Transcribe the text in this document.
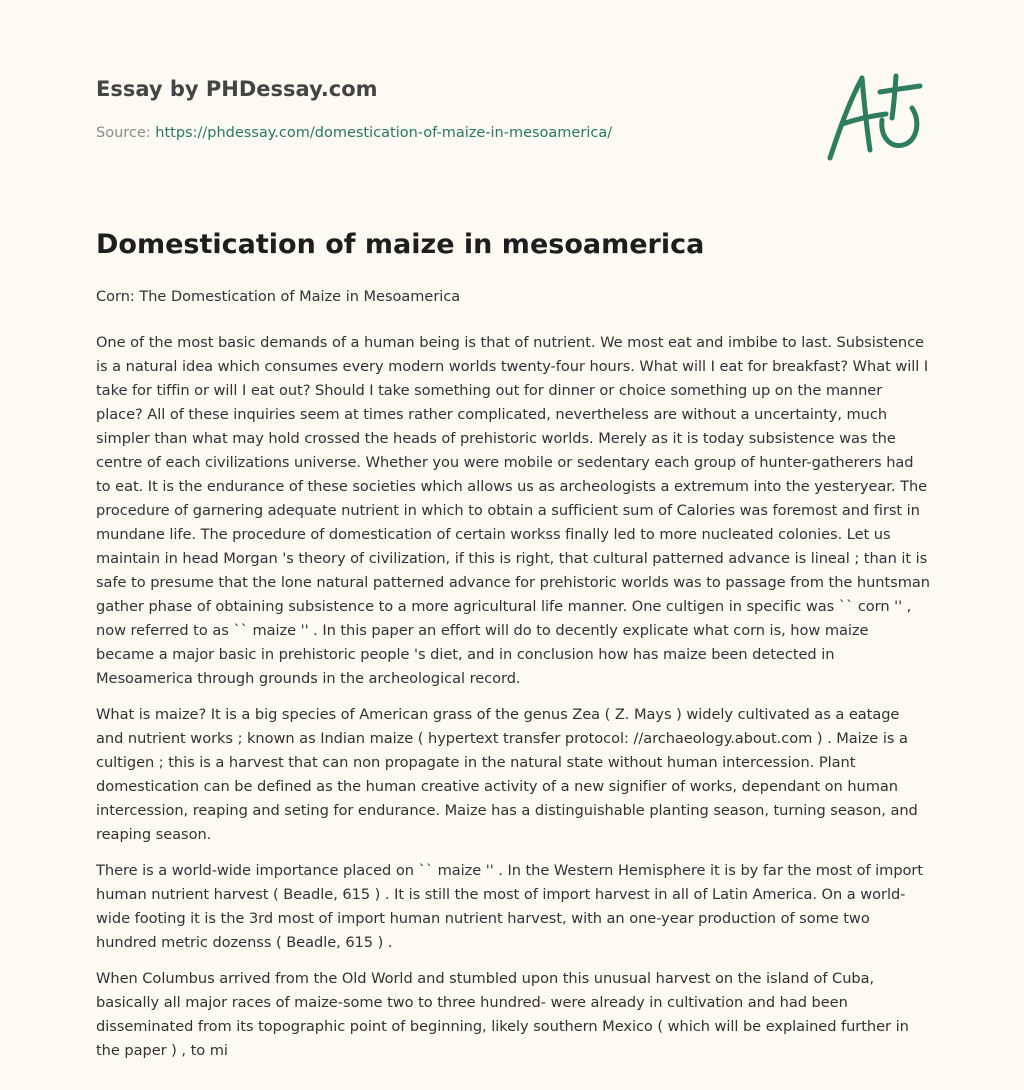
Essay by PHDessay.com
Source: https://phdessay.com/domestication-of-maize-in-mesoamerica/
Domestication of maize in mesoamerica

Corn: The Domestication of Maize in Mesoamerica

One of the most basic demands of a human being is that of nutrient. We most eat and imbibe to last. Subsistence is a natural idea which consumes every modern worlds twenty-four hours. What will I eat for breakfast? What will I take for tiffin or will I eat out? Should I take something out for dinner or choice something up on the manner place? All of these inquiries seem at times rather complicated, nevertheless are without a uncertainty, much simpler than what may hold crossed the heads of prehistoric worlds. Merely as it is today subsistence was the centre of each civilizations universe. Whether you were mobile or sedentary each group of hunter-gatherers had to eat. It is the endurance of these societies which allows us as archeologists a extremum into the yesteryear. The procedure of garnering adequate nutrient in which to obtain a sufficient sum of Calories was foremost and first in mundane life. The procedure of domestication of certain workss finally led to more nucleated colonies. Let us maintain in head Morgan 's theory of civilization, if this is right, that cultural patterned advance is lineal ; than it is safe to presume that the lone natural patterned advance for prehistoric worlds was to passage from the huntsman gather phase of obtaining subsistence to a more agricultural life manner. One cultigen in specific was `` corn '' , now referred to as `` maize '' . In this paper an effort will do to decently explicate what corn is, how maize became a major basic in prehistoric people 's diet, and in conclusion how has maize been detected in Mesoamerica through grounds in the archeological record.

What is maize? It is a big species of American grass of the genus Zea ( Z. Mays ) widely cultivated as a eatage and nutrient works ; known as Indian maize ( hypertext transfer protocol: //archaeology.about.com ) . Maize is a cultigen ; this is a harvest that can non propagate in the natural state without human intercession. Plant domestication can be defined as the human creative activity of a new signifier of works, dependant on human intercession, reaping and seting for endurance. Maize has a distinguishable planting season, turning season, and reaping season.

There is a world-wide importance placed on `` maize '' . In the Western Hemisphere it is by far the most of import human nutrient harvest ( Beadle, 615 ) . It is still the most of import harvest in all of Latin America. On a world-wide footing it is the 3rd most of import human nutrient harvest, with an one-year production of some two hundred metric dozenss ( Beadle, 615 ) .

When Columbus arrived from the Old World and stumbled upon this unusual harvest on the island of Cuba, basically all major races of maize-some two to three hundred- were already in cultivation and had been disseminated from its topographic point of beginning, likely southern Mexico ( which will be explained further in the paper ) , to mi
